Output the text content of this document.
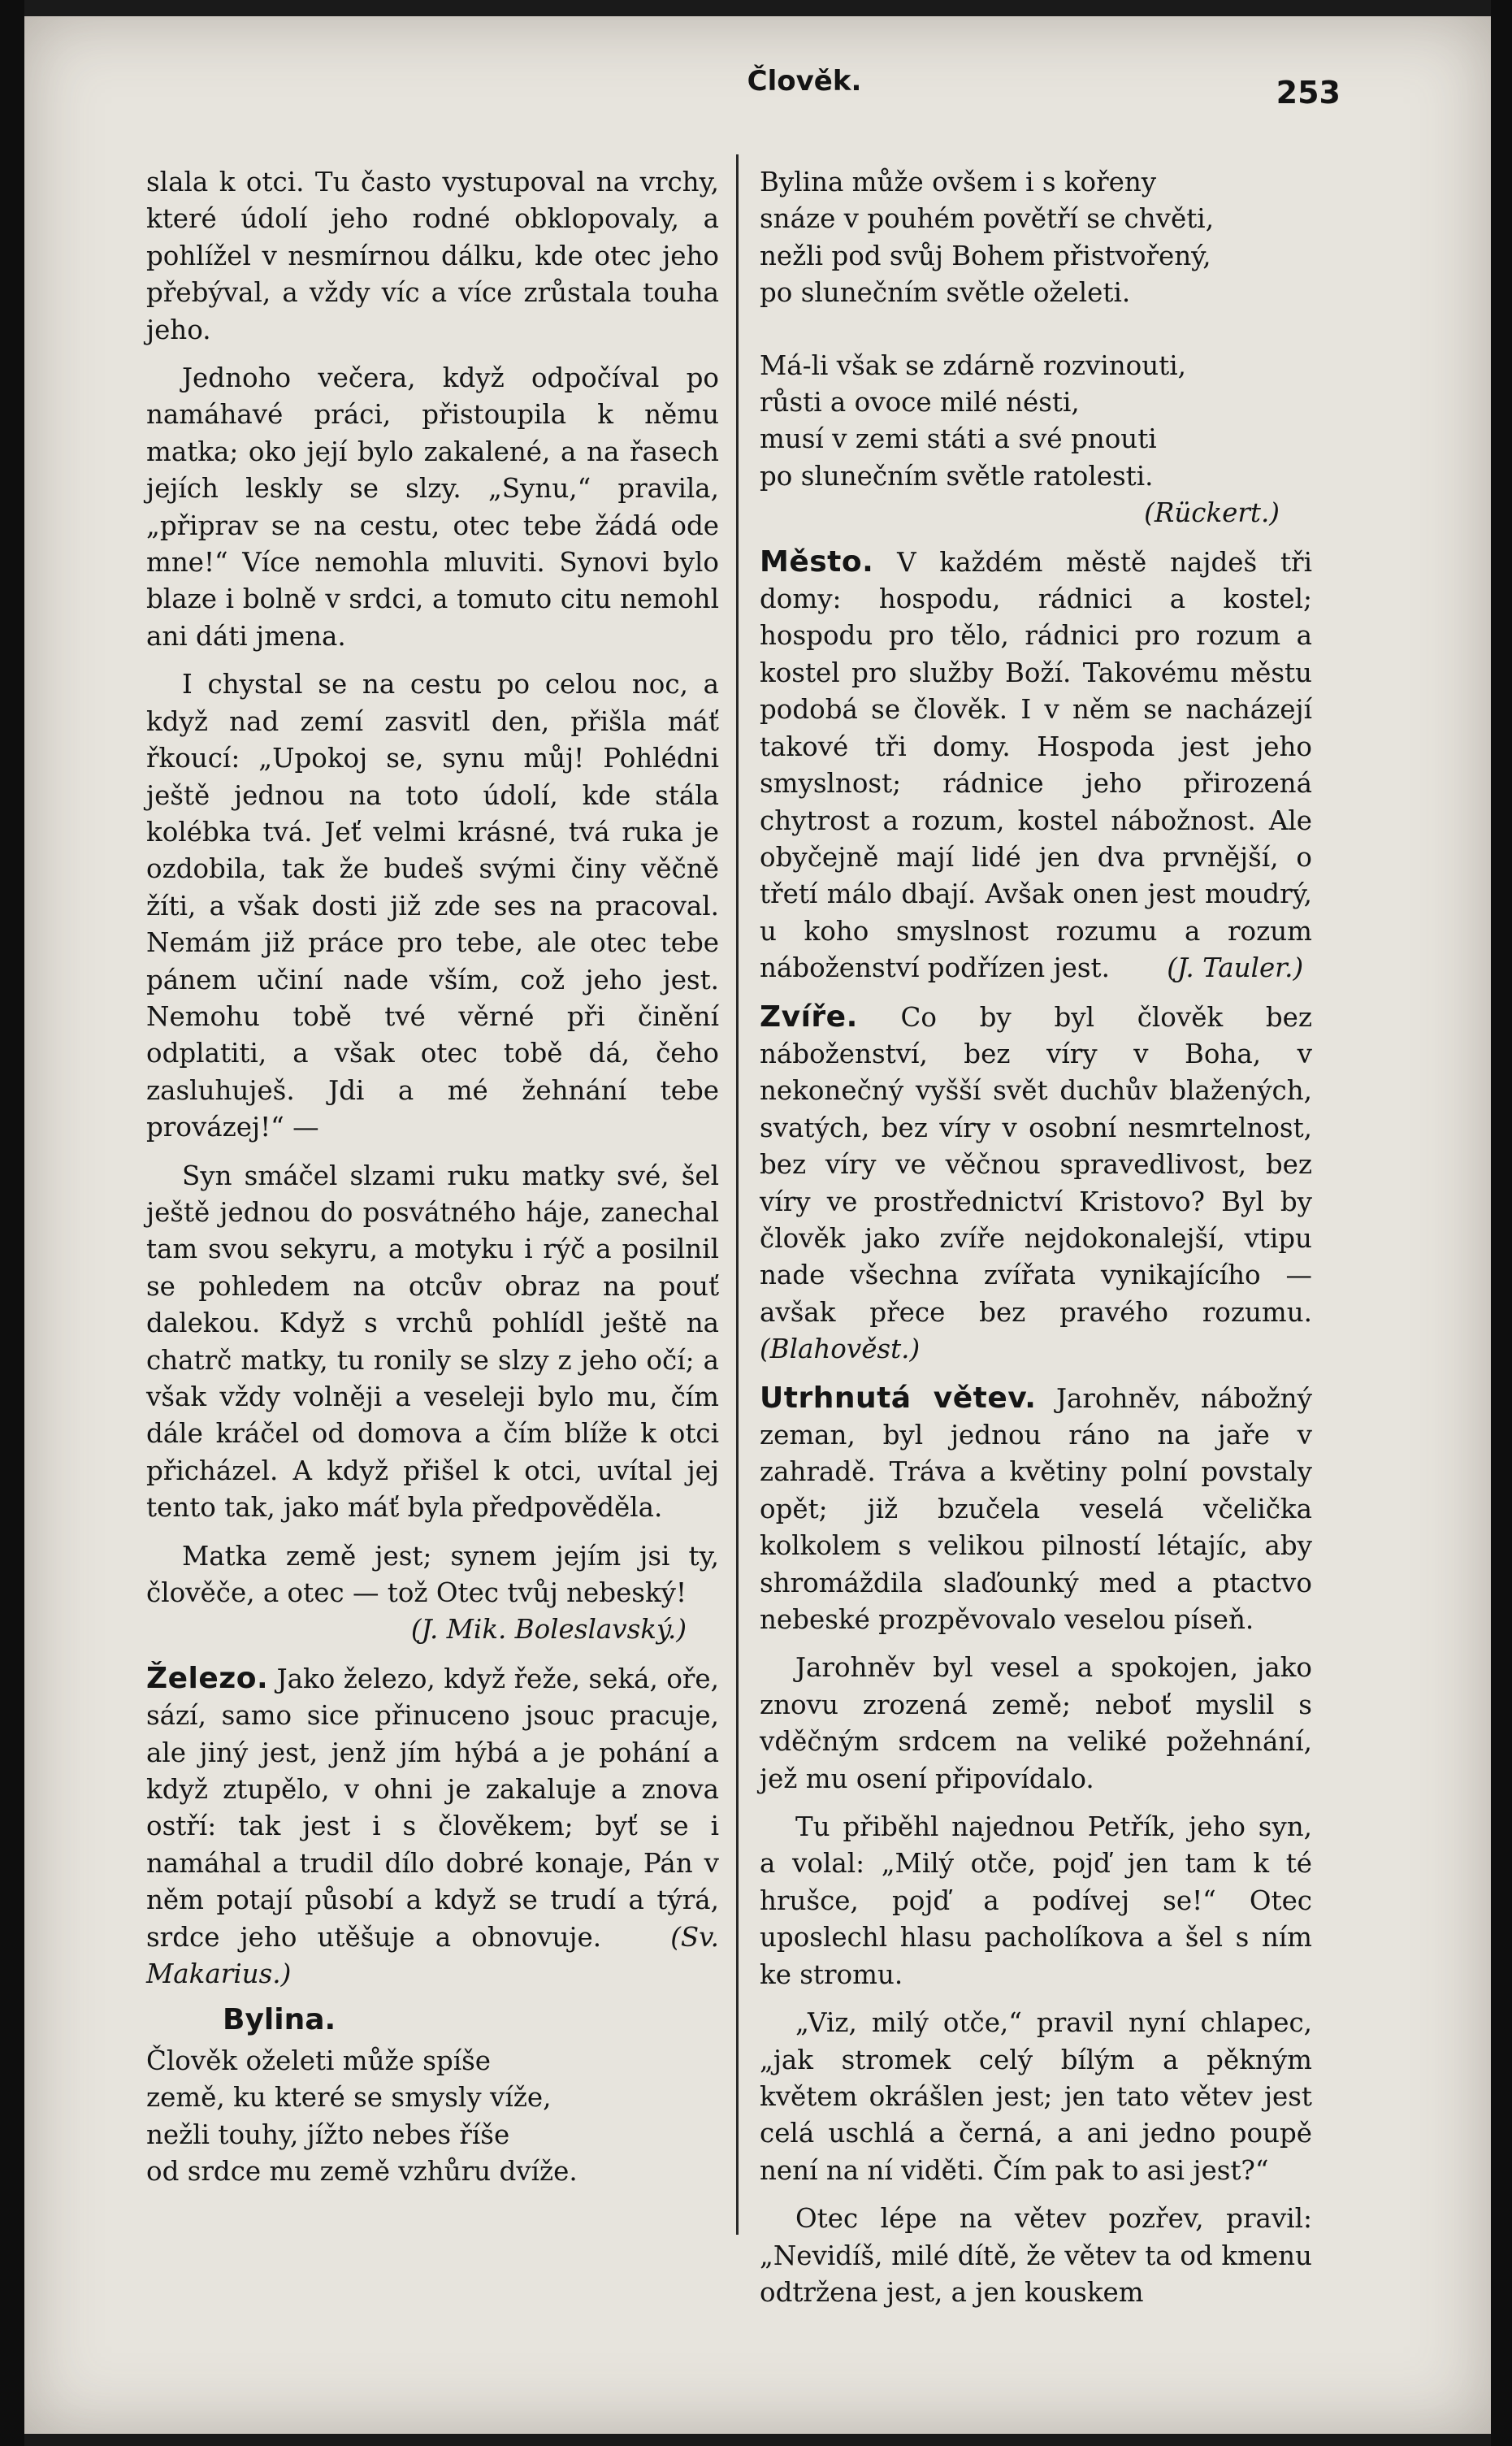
Člověk.	253

slala k otci. Tu často vystupoval na vrchy, které údolí jeho rodné obklopovaly, a pohlížel v nesmírnou dálku, kde otec jeho přebýval, a vždy víc a více zrůstala touha jeho.

Jednoho večera, když odpočíval po namáhavé práci, přistoupila k němu matka; oko její bylo zakalené, a na řasech jejích leskly se slzy. „Synu,“ pravila, „připrav se na cestu, otec tebe žádá ode mne!“ Více nemohla mluviti. Synovi bylo blaze i bolně v srdci, a tomuto citu nemohl ani dáti jmena.

I chystal se na cestu po celou noc, a když nad zemí zasvitl den, přišla máť řkoucí: „Upokoj se, synu můj! Pohlédni ještě jednou na toto údolí, kde stála kolébka tvá. Jeť velmi krásné, tvá ruka je ozdobila, tak že budeš svými činy věčně žíti, a však dosti již zde ses na pracoval. Nemám již práce pro tebe, ale otec tebe pánem učiní nade vším, což jeho jest. Nemohu tobě tvé věrné při činění odplatiti, a však otec tobě dá, čeho zasluhuješ. Jdi a mé žehnání tebe provázej!“ —

Syn smáčel slzami ruku matky své, šel ještě jednou do posvátného háje, zanechal tam svou sekyru, a motyku i rýč a posilnil se pohledem na otcův obraz na pouť dalekou. Když s vrchů pohlídl ještě na chatrč matky, tu ronily se slzy z jeho očí; a však vždy volněji a veseleji bylo mu, čím dále kráčel od domova a čím blíže k otci přicházel. A když přišel k otci, uvítal jej tento tak, jako máť byla předpověděla.

Matka země jest; synem jejím jsi ty, člověče, a otec — tož Otec tvůj nebeský!

(J. Mik. Boleslavský.)

Železo. Jako železo, když řeže, seká, oře, sází, samo sice přinuceno jsouc pracuje, ale jiný jest, jenž jím hýbá a je pohání a když ztupělo, v ohni je zakaluje a znova ostří: tak jest i s člověkem; byť se i namáhal a trudil dílo dobré konaje, Pán v něm potají působí a když se trudí a týrá, srdce jeho utěšuje a obnovuje.	(Sv. Makarius.)

Bylina.

Člověk oželeti může spíše

země, ku které se smysly víže,

nežli touhy, jížto nebes říše

od srdce mu země vzhůru dvíže.

Bylina může ovšem i s kořeny

snáze v pouhém povětří se chvěti,

nežli pod svůj Bohem přistvořený,

po slunečním světle oželeti.

Má-li však se zdárně rozvinouti,

růsti a ovoce milé nésti,

musí v zemi státi a své pnouti

po slunečním světle ratolesti.

(Rückert.)

Město. V každém městě najdeš tři domy: hospodu, rádnici a kostel; hospodu pro tělo, rádnici pro rozum a kostel pro služby Boží. Takovému městu podobá se člověk. I v něm se nacházejí takové tři domy. Hospoda jest jeho smyslnost; rádnice jeho přirozená chytrost a rozum, kostel nábožnost. Ale obyčejně mají lidé jen dva prvnější, o třetí málo dbají. Avšak onen jest moudrý, u koho smyslnost rozumu a rozum náboženství podřízen jest. (J. Tauler.)

Zvíře. Co by byl člověk bez náboženství, bez víry v Boha, v nekonečný vyšší svět duchův blažených, svatých, bez víry v osobní nesmrtelnost, bez víry ve věčnou spravedlivost, bez víry ve prostřednictví Kristovo? Byl by člověk jako zvíře nejdokonalejší, vtipu nade všechna zvířata vynikajícího — avšak přece bez pravého rozumu. (Blahověst.)

Utrhnutá větev. Jarohněv, nábožný zeman, byl jednou ráno na jaře v zahradě. Tráva a květiny polní povstaly opět; již bzučela veselá včelička kolkolem s velikou pilností létajíc, aby shromáždila slaďounký med a ptactvo nebeské prozpěvovalo veselou píseň.

Jarohněv byl vesel a spokojen, jako znovu zrozená země; neboť myslil s vděčným srdcem na veliké požehnání, jež mu osení připovídalo.

Tu přiběhl najednou Petřík, jeho syn, a volal: „Milý otče, pojď jen tam k té hrušce, pojď a podívej se!“ Otec uposlechl hlasu pacholíkova a šel s ním ke stromu.

„Viz, milý otče,“ pravil nyní chlapec, „jak stromek celý bílým a pěkným květem okrášlen jest; jen tato větev jest celá uschlá a černá, a ani jedno poupě není na ní viděti. Čím pak to asi jest?“

Otec lépe na větev pozřev, pravil: „Nevidíš, milé dítě, že větev ta od kmenu odtržena jest, a jen kouskem
